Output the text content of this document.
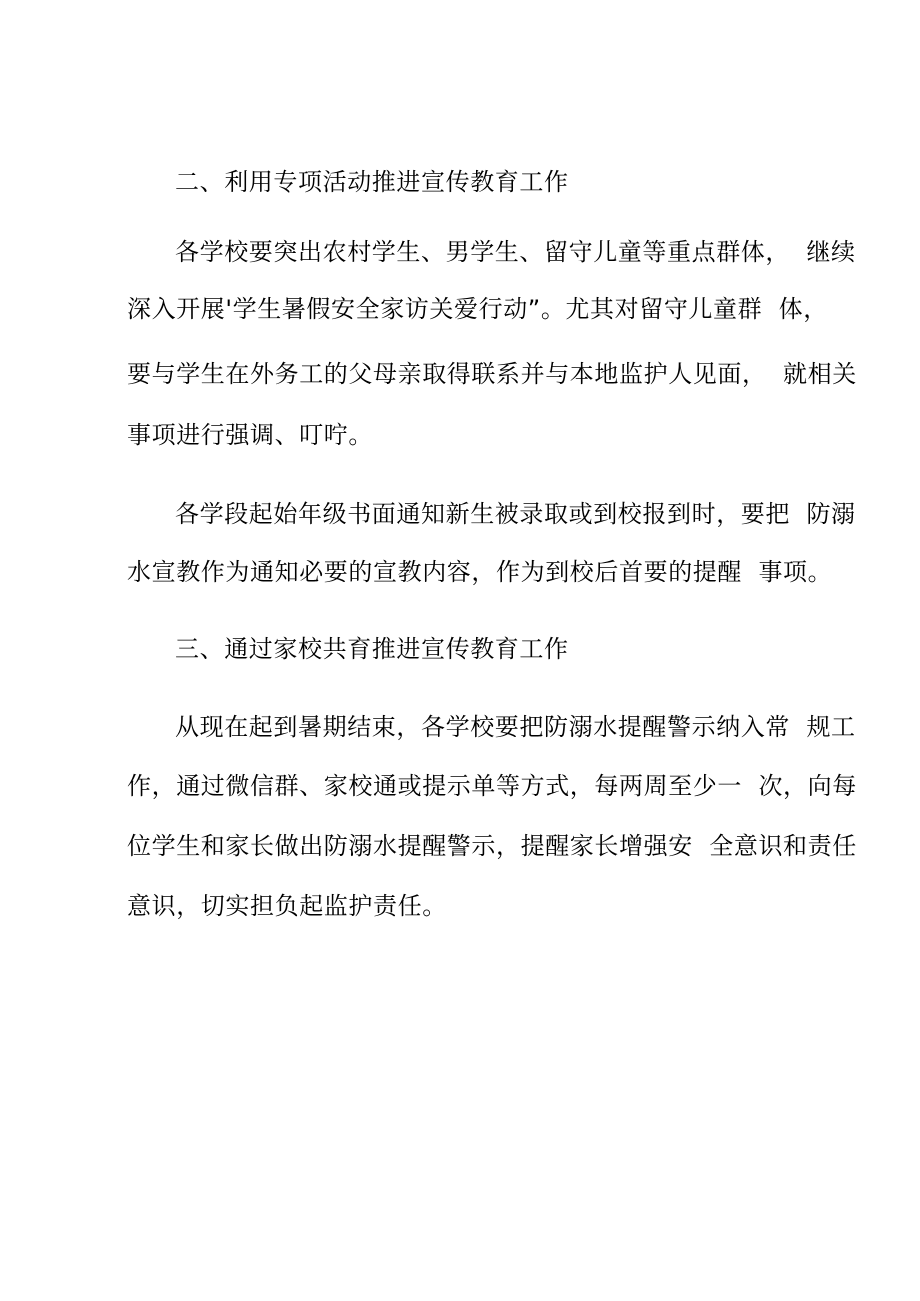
二、利用专项活动推进宣传教育工作
各学校要突出农村学生、男学生、留守儿童等重点群体，  继续
深入开展'学生暑假安全家访关爱行动”。尤其对留守儿童群  体，
要与学生在外务工的父母亲取得联系并与本地监护人见面，  就相关
事项进行强调、叮咛。
各学段起始年级书面通知新生被录取或到校报到时，要把  防溺
水宣教作为通知必要的宣教内容，作为到校后首要的提醒  事项。
三、通过家校共育推进宣传教育工作
从现在起到暑期结束，各学校要把防溺水提醒警示纳入常  规工
作，通过微信群、家校通或提示单等方式，每两周至少一  次，向每
位学生和家长做出防溺水提醒警示，提醒家长增强安  全意识和责任
意识，切实担负起监护责任。
